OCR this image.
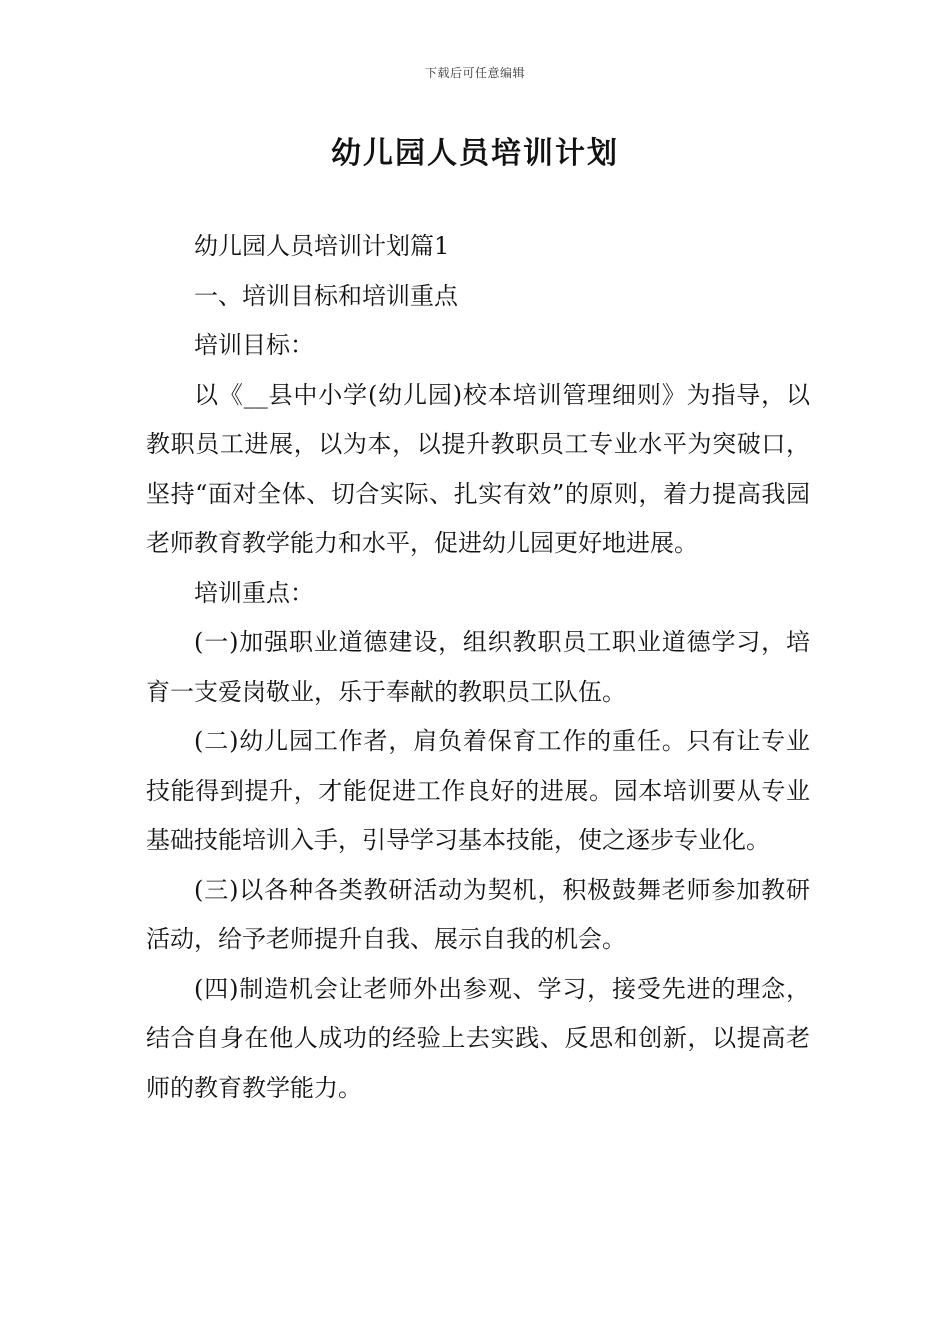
下载后可任意编辑
幼儿园人员培训计划

幼儿园人员培训计划篇1

一、培训目标和培训重点

培训目标：

以《__县中小学(幼儿园)校本培训管理细则》为指导，以教职员工进展，以为本，以提升教职员工专业水平为突破口，坚持“面对全体、切合实际、扎实有效”的原则，着力提高我园老师教育教学能力和水平，促进幼儿园更好地进展。

培训重点：

(一)加强职业道德建设，组织教职员工职业道德学习，培育一支爱岗敬业，乐于奉献的教职员工队伍。

(二)幼儿园工作者，肩负着保育工作的重任。只有让专业技能得到提升，才能促进工作良好的进展。园本培训要从专业基础技能培训入手，引导学习基本技能，使之逐步专业化。

(三)以各种各类教研活动为契机，积极鼓舞老师参加教研活动，给予老师提升自我、展示自我的机会。

(四)制造机会让老师外出参观、学习，接受先进的理念，结合自身在他人成功的经验上去实践、反思和创新，以提高老师的教育教学能力。
